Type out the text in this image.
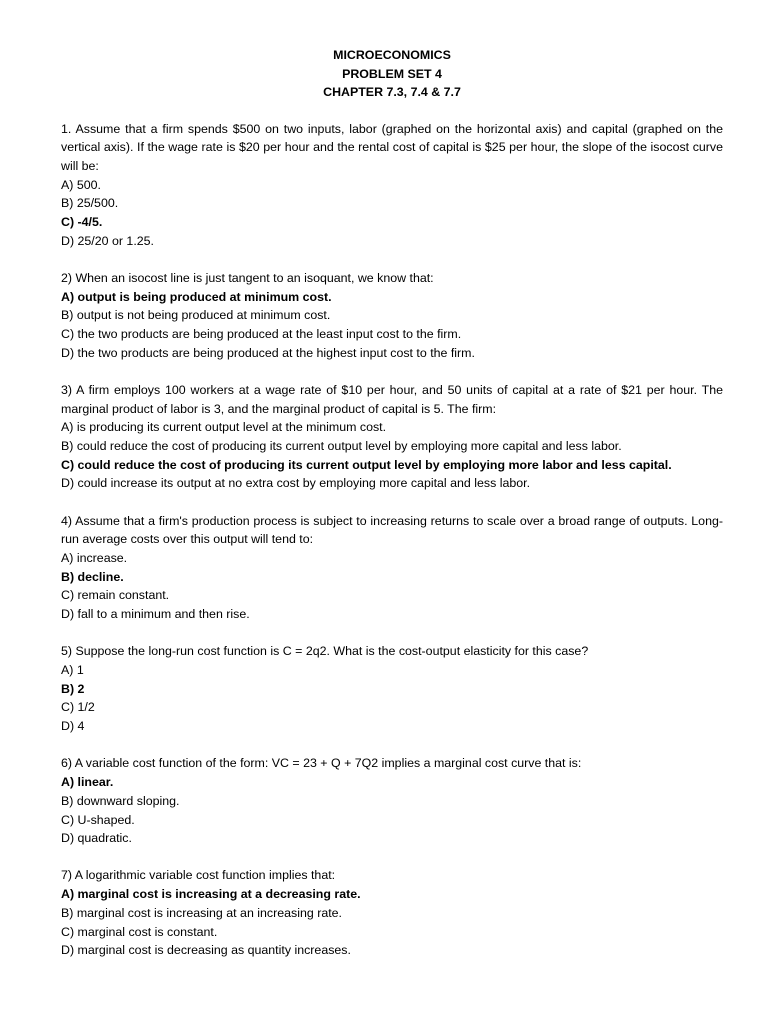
MICROECONOMICS
PROBLEM SET 4
CHAPTER 7.3, 7.4 & 7.7
1. Assume that a firm spends $500 on two inputs, labor (graphed on the horizontal axis) and capital (graphed on the vertical axis). If the wage rate is $20 per hour and the rental cost of capital is $25 per hour, the slope of the isocost curve will be:
A) 500.
B) 25/500.
C) -4/5.
D) 25/20 or 1.25.
2) When an isocost line is just tangent to an isoquant, we know that:
A) output is being produced at minimum cost.
B) output is not being produced at minimum cost.
C) the two products are being produced at the least input cost to the firm.
D) the two products are being produced at the highest input cost to the firm.
3) A firm employs 100 workers at a wage rate of $10 per hour, and 50 units of capital at a rate of $21 per hour. The marginal product of labor is 3, and the marginal product of capital is 5. The firm:
A) is producing its current output level at the minimum cost.
B) could reduce the cost of producing its current output level by employing more capital and less labor.
C) could reduce the cost of producing its current output level by employing more labor and less capital.
D) could increase its output at no extra cost by employing more capital and less labor.
4) Assume that a firm's production process is subject to increasing returns to scale over a broad range of outputs. Long-run average costs over this output will tend to:
A) increase.
B) decline.
C) remain constant.
D) fall to a minimum and then rise.
5) Suppose the long-run cost function is C = 2q2. What is the cost-output elasticity for this case?
A) 1
B) 2
C) 1/2
D) 4
6) A variable cost function of the form: VC = 23 + Q + 7Q2 implies a marginal cost curve that is:
A) linear.
B) downward sloping.
C) U-shaped.
D) quadratic.
7) A logarithmic variable cost function implies that:
A) marginal cost is increasing at a decreasing rate.
B) marginal cost is increasing at an increasing rate.
C) marginal cost is constant.
D) marginal cost is decreasing as quantity increases.
